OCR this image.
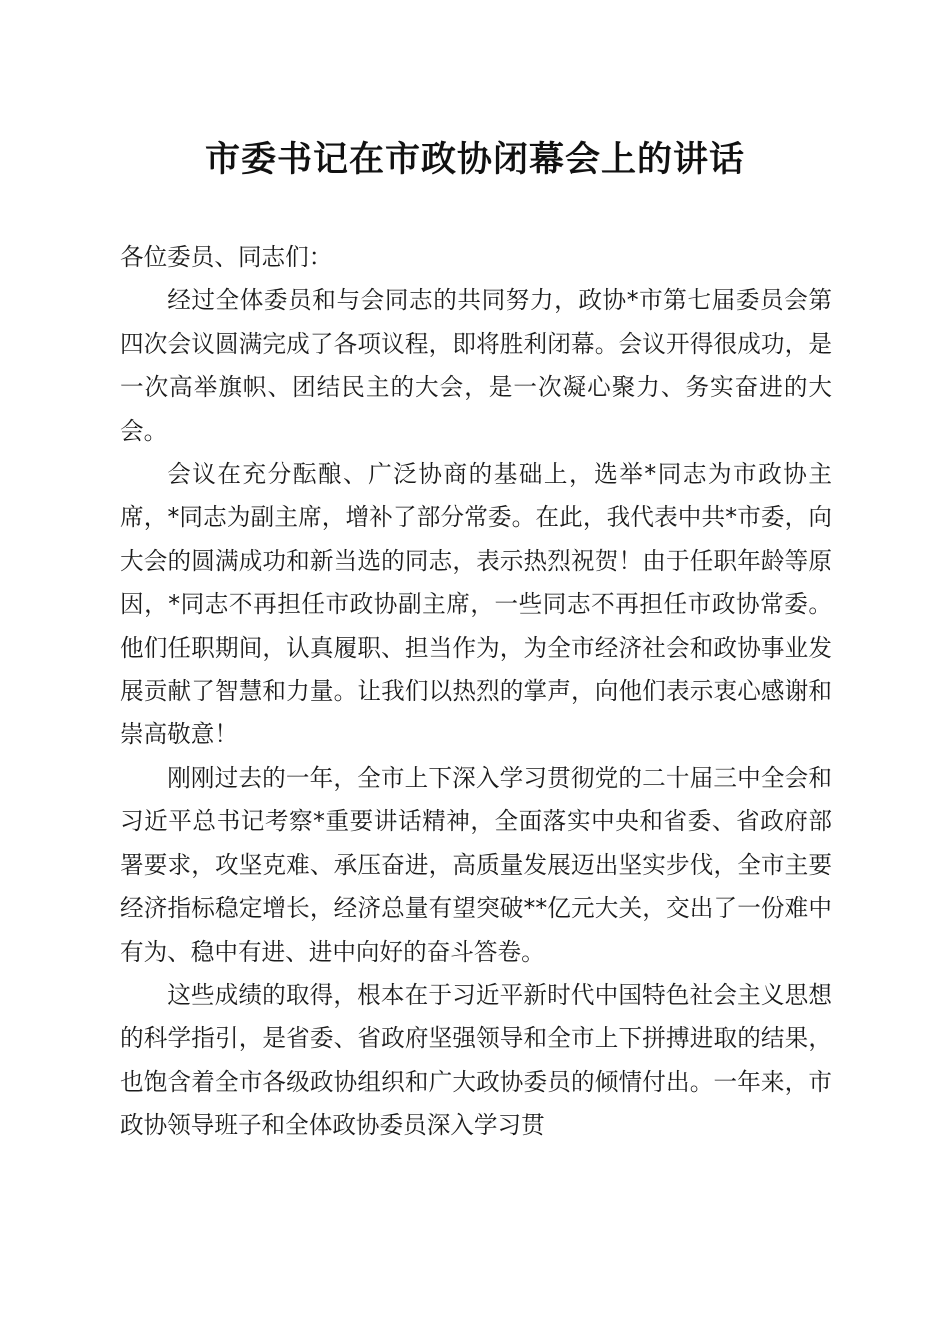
市委书记在市政协闭幕会上的讲话

各位委员、同志们：

经过全体委员和与会同志的共同努力，政协*市第七届委员会第四次会议圆满完成了各项议程，即将胜利闭幕。会议开得很成功，是一次高举旗帜、团结民主的大会，是一次凝心聚力、务实奋进的大会。

会议在充分酝酿、广泛协商的基础上，选举*同志为市政协主席，*同志为副主席，增补了部分常委。在此，我代表中共*市委，向大会的圆满成功和新当选的同志，表示热烈祝贺！由于任职年龄等原因，*同志不再担任市政协副主席，一些同志不再担任市政协常委。他们任职期间，认真履职、担当作为，为全市经济社会和政协事业发展贡献了智慧和力量。让我们以热烈的掌声，向他们表示衷心感谢和崇高敬意！

刚刚过去的一年，全市上下深入学习贯彻党的二十届三中全会和习近平总书记考察*重要讲话精神，全面落实中央和省委、省政府部署要求，攻坚克难、承压奋进，高质量发展迈出坚实步伐，全市主要经济指标稳定增长，经济总量有望突破**亿元大关，交出了一份难中有为、稳中有进、进中向好的奋斗答卷。

这些成绩的取得，根本在于习近平新时代中国特色社会主义思想的科学指引，是省委、省政府坚强领导和全市上下拼搏进取的结果，也饱含着全市各级政协组织和广大政协委员的倾情付出。一年来，市政协领导班子和全体政协委员深入学习贯
